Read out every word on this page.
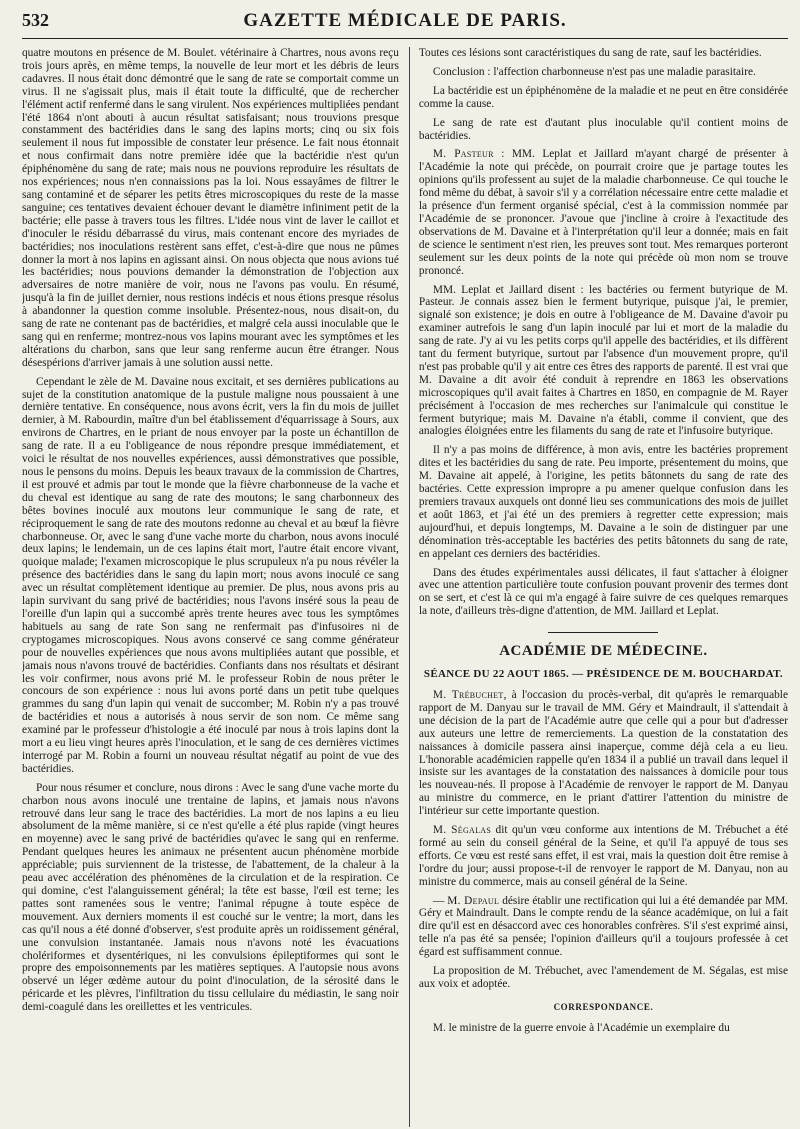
532	GAZETTE MÉDICALE DE PARIS.

quatre moutons en présence de M. Boulet. vétérinaire à Chartres, nous avons reçu trois jours après, en même temps, la nouvelle de leur mort et les débris de leurs cadavres. Il nous était donc démontré que le sang de rate se comportait comme un virus. Il ne s'agissait plus, mais il était toute la difficulté, que de rechercher l'élément actif renfermé dans le sang virulent. Nos expériences multipliées pendant l'été 1864 n'ont abouti à aucun résultat satisfaisant; nous trouvions presque constamment des bactéridies dans le sang des lapins morts; cinq ou six fois seulement il nous fut impossible de constater leur présence. Le fait nous étonnait et nous confirmait dans notre première idée que la bactéridie n'est qu'un épiphénomène du sang de rate; mais nous ne pouvions reproduire les résultats de nos expériences; nous n'en connaissions pas la loi. Nous essayâmes de filtrer le sang contaminé et de séparer les petits êtres microscopiques du reste de la masse sanguine; ces tentatives devaient échouer devant le diamètre infiniment petit de la bactérie; elle passe à travers tous les filtres. L'idée nous vint de laver le caillot et d'inoculer le résidu débarrassé du virus, mais contenant encore des myriades de bactéridies; nos inoculations restèrent sans effet, c'est-à-dire que nous ne pûmes donner la mort à nos lapins en agissant ainsi. On nous objecta que nous avions tué les bactéridies; nous pouvions demander la démonstration de l'objection aux adversaires de notre manière de voir, nous ne l'avons pas voulu. En résumé, jusqu'à la fin de juillet dernier, nous restions indécis et nous étions presque résolus à abandonner la question comme insoluble. Présentez-nous, nous disait-on, du sang de rate ne contenant pas de bactéridies, et malgré cela aussi inoculable que le sang qui en renferme; montrez-nous vos lapins mourant avec les symptômes et les altérations du charbon, sans que leur sang renferme aucun être étranger. Nous désespérions d'arriver jamais à une solution aussi nette.

Cependant le zèle de M. Davaine nous excitait, et ses dernières publications au sujet de la constitution anatomique de la pustule maligne nous poussaient à une dernière tentative. En conséquence, nous avons écrit, vers la fin du mois de juillet dernier, à M. Rabourdin, maître d'un bel établissement d'équarrissage à Sours, aux environs de Chartres, en le priant de nous envoyer par la poste un échantillon de sang de rate. Il a eu l'obligeance de nous répondre presque immédiatement, et voici le résultat de nos nouvelles expériences, aussi démonstratives que possible, nous le pensons du moins. Depuis les beaux travaux de la commission de Chartres, il est prouvé et admis par tout le monde que la fièvre charbonneuse de la vache et du cheval est identique au sang de rate des moutons; le sang charbonneux des bêtes bovines inoculé aux moutons leur communique le sang de rate, et réciproquement le sang de rate des moutons redonne au cheval et au bœuf la fièvre charbonneuse. Or, avec le sang d'une vache morte du charbon, nous avons inoculé deux lapins; le lendemain, un de ces lapins était mort, l'autre était encore vivant, quoique malade; l'examen microscopique le plus scrupuleux n'a pu nous révéler la présence des bactéridies dans le sang du lapin mort; nous avons inoculé ce sang avec un résultat complètement identique au premier. De plus, nous avons pris au lapin survivant du sang privé de bactéridies; nous l'avons inséré sous la peau de l'oreille d'un lapin qui a succombé après trente heures avec tous les symptômes habituels au sang de rate Son sang ne renfermait pas d'infusoires ni de cryptogames microscopiques. Nous avons conservé ce sang comme générateur pour de nouvelles expériences que nous avons multipliées autant que possible, et jamais nous n'avons trouvé de bactéridies. Confiants dans nos résultats et désirant les voir confirmer, nous avons prié M. le professeur Robin de nous prêter le concours de son expérience : nous lui avons porté dans un petit tube quelques grammes du sang d'un lapin qui venait de succomber; M. Robin n'y a pas trouvé de bactéridies et nous a autorisés à nous servir de son nom. Ce même sang examiné par le professeur d'histologie a été inoculé par nous à trois lapins dont la mort a eu lieu vingt heures après l'inoculation, et le sang de ces dernières victimes interrogé par M. Robin a fourni un nouveau résultat négatif au point de vue des bactéridies.

Pour nous résumer et conclure, nous dirons : Avec le sang d'une vache morte du charbon nous avons inoculé une trentaine de lapins, et jamais nous n'avons retrouvé dans leur sang le trace des bactéridies. La mort de nos lapins a eu lieu absolument de la même manière, si ce n'est qu'elle a été plus rapide (vingt heures en moyenne) avec le sang privé de bactéridies qu'avec le sang qui en renferme. Pendant quelques heures les animaux ne présentent aucun phénomène morbide appréciable; puis surviennent de la tristesse, de l'abattement, de la chaleur à la peau avec accélération des phénomènes de la circulation et de la respiration. Ce qui domine, c'est l'alanguissement général; la tête est basse, l'œil est terne; les pattes sont ramenées sous le ventre; l'animal répugne à toute espèce de mouvement. Aux derniers moments il est couché sur le ventre; la mort, dans les cas qu'il nous a été donné d'observer, s'est produite après un roidissement général, une convulsion instantanée. Jamais nous n'avons noté les évacuations cholériformes et dysentériques, ni les convulsions épileptiformes qui sont le propre des empoisonnements par les matières septiques. A l'autopsie nous avons observé un léger œdème autour du point d'inoculation, de la sérosité dans le péricarde et les plèvres, l'infiltration du tissu cellulaire du médiastin, le sang noir demi-coagulé dans les oreillettes et les ventricules.

Toutes ces lésions sont caractéristiques du sang de rate, sauf les bactéridies.

Conclusion : l'affection charbonneuse n'est pas une maladie parasitaire.

La bactéridie est un épiphénomène de la maladie et ne peut en être considérée comme la cause.

Le sang de rate est d'autant plus inoculable qu'il contient moins de bactéridies.

M. Pasteur : MM. Leplat et Jaillard m'ayant chargé de présenter à l'Académie la note qui précède, on pourrait croire que je partage toutes les opinions qu'ils professent au sujet de la maladie charbonneuse. Ce qui touche le fond même du débat, à savoir s'il y a corrélation nécessaire entre cette maladie et la présence d'un ferment organisé spécial, c'est à la commission nommée par l'Académie de se prononcer. J'avoue que j'incline à croire à l'exactitude des observations de M. Davaine et à l'interprétation qu'il leur a donnée; mais en fait de science le sentiment n'est rien, les preuves sont tout. Mes remarques porteront seulement sur les deux points de la note qui précède où mon nom se trouve prononcé.

MM. Leplat et Jaillard disent : les bactéries ou ferment butyrique de M. Pasteur. Je connais assez bien le ferment butyrique, puisque j'ai, le premier, signalé son existence; je dois en outre à l'obligeance de M. Davaine d'avoir pu examiner autrefois le sang d'un lapin inoculé par lui et mort de la maladie du sang de rate. J'y ai vu les petits corps qu'il appelle des bactéridies, et ils diffèrent tant du ferment butyrique, surtout par l'absence d'un mouvement propre, qu'il n'est pas probable qu'il y ait entre ces êtres des rapports de parenté. Il est vrai que M. Davaine a dit avoir été conduit à reprendre en 1863 les observations microscopiques qu'il avait faites à Chartres en 1850, en compagnie de M. Rayer précisément à l'occasion de mes recherches sur l'animalcule qui constitue le ferment butyrique; mais M. Davaine n'a établi, comme il convient, que des analogies éloignées entre les filaments du sang de rate et l'infusoire butyrique.

Il n'y a pas moins de différence, à mon avis, entre les bactéries proprement dites et les bactéridies du sang de rate. Peu importe, présentement du moins, que M. Davaine ait appelé, à l'origine, les petits bâtonnets du sang de rate des bactéries. Cette expression impropre a pu amener quelque confusion dans les premiers travaux auxquels ont donné lieu ses communications des mois de juillet et août 1863, et j'ai été un des premiers à regretter cette expression; mais aujourd'hui, et depuis longtemps, M. Davaine a le soin de distinguer par une dénomination très-acceptable les bactéries des petits bâtonnets du sang de rate, en appelant ces derniers des bactéridies.

Dans des études expérimentales aussi délicates, il faut s'attacher à éloigner avec une attention particulière toute confusion pouvant provenir des termes dont on se sert, et c'est là ce qui m'a engagé à faire suivre de ces quelques remarques la note, d'ailleurs très-digne d'attention, de MM. Jaillard et Leplat.

ACADÉMIE DE MÉDECINE.
SÉANCE DU 22 AOUT 1865. — PRÉSIDENCE DE M. BOUCHARDAT.

M. Trébuchet, à l'occasion du procès-verbal, dit qu'après le remarquable rapport de M. Danyau sur le travail de MM. Géry et Maindrault, il s'attendait à une décision de la part de l'Académie autre que celle qui a pour but d'adresser aux auteurs une lettre de remerciements. La question de la constatation des naissances à domicile passera ainsi inaperçue, comme déjà cela a eu lieu. L'honorable académicien rappelle qu'en 1834 il a publié un travail dans lequel il insiste sur les avantages de la constatation des naissances à domicile pour tous les nouveau-nés. Il propose à l'Académie de renvoyer le rapport de M. Danyau au ministre du commerce, en le priant d'attirer l'attention du ministre de l'intérieur sur cette importante question.

M. Ségalas dit qu'un vœu conforme aux intentions de M. Trébuchet a été formé au sein du conseil général de la Seine, et qu'il l'a appuyé de tous ses efforts. Ce vœu est resté sans effet, il est vrai, mais la question doit être remise à l'ordre du jour; aussi propose-t-il de renvoyer le rapport de M. Danyau, non au ministre du commerce, mais au conseil général de la Seine.

— M. Depaul désire établir une rectification qui lui a été demandée par MM. Géry et Maindrault. Dans le compte rendu de la séance académique, on lui a fait dire qu'il est en désaccord avec ces honorables confrères. S'il s'est exprimé ainsi, telle n'a pas été sa pensée; l'opinion d'ailleurs qu'il a toujours professée à cet égard est suffisamment connue.

La proposition de M. Trébuchet, avec l'amendement de M. Ségalas, est mise aux voix et adoptée.

CORRESPONDANCE.

M. le ministre de la guerre envoie à l'Académie un exemplaire du
